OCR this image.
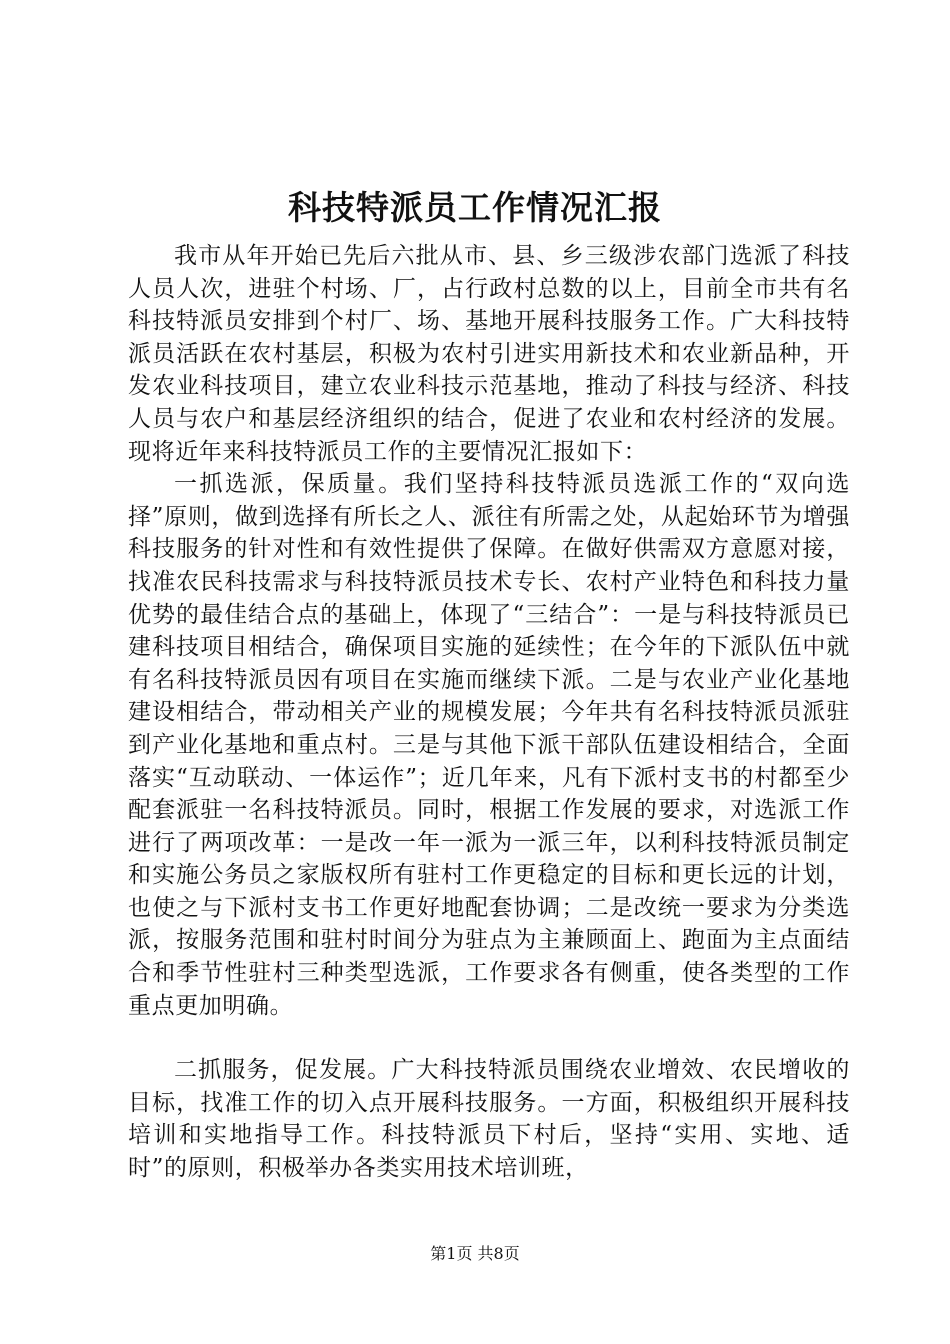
科技特派员工作情况汇报

我市从年开始已先后六批从市、县、乡三级涉农部门选派了科技人员人次，进驻个村场、厂，占行政村总数的以上，目前全市共有名科技特派员安排到个村厂、场、基地开展科技服务工作。广大科技特派员活跃在农村基层，积极为农村引进实用新技术和农业新品种，开发农业科技项目，建立农业科技示范基地，推动了科技与经济、科技人员与农户和基层经济组织的结合，促进了农业和农村经济的发展。现将近年来科技特派员工作的主要情况汇报如下：

一抓选派，保质量。我们坚持科技特派员选派工作的“双向选择”原则，做到选择有所长之人、派往有所需之处，从起始环节为增强科技服务的针对性和有效性提供了保障。在做好供需双方意愿对接，找准农民科技需求与科技特派员技术专长、农村产业特色和科技力量优势的最佳结合点的基础上，体现了“三结合”：一是与科技特派员已建科技项目相结合，确保项目实施的延续性；在今年的下派队伍中就有名科技特派员因有项目在实施而继续下派。二是与农业产业化基地建设相结合，带动相关产业的规模发展；今年共有名科技特派员派驻到产业化基地和重点村。三是与其他下派干部队伍建设相结合，全面落实“互动联动、一体运作”；近几年来，凡有下派村支书的村都至少配套派驻一名科技特派员。同时，根据工作发展的要求，对选派工作进行了两项改革：一是改一年一派为一派三年，以利科技特派员制定和实施公务员之家版权所有驻村工作更稳定的目标和更长远的计划，也使之与下派村支书工作更好地配套协调；二是改统一要求为分类选派，按服务范围和驻村时间分为驻点为主兼顾面上、跑面为主点面结合和季节性驻村三种类型选派，工作要求各有侧重，使各类型的工作重点更加明确。

二抓服务，促发展。广大科技特派员围绕农业增效、农民增收的目标，找准工作的切入点开展科技服务。一方面，积极组织开展科技培训和实地指导工作。科技特派员下村后，坚持“实用、实地、适时”的原则，积极举办各类实用技术培训班，

第1页 共8页
